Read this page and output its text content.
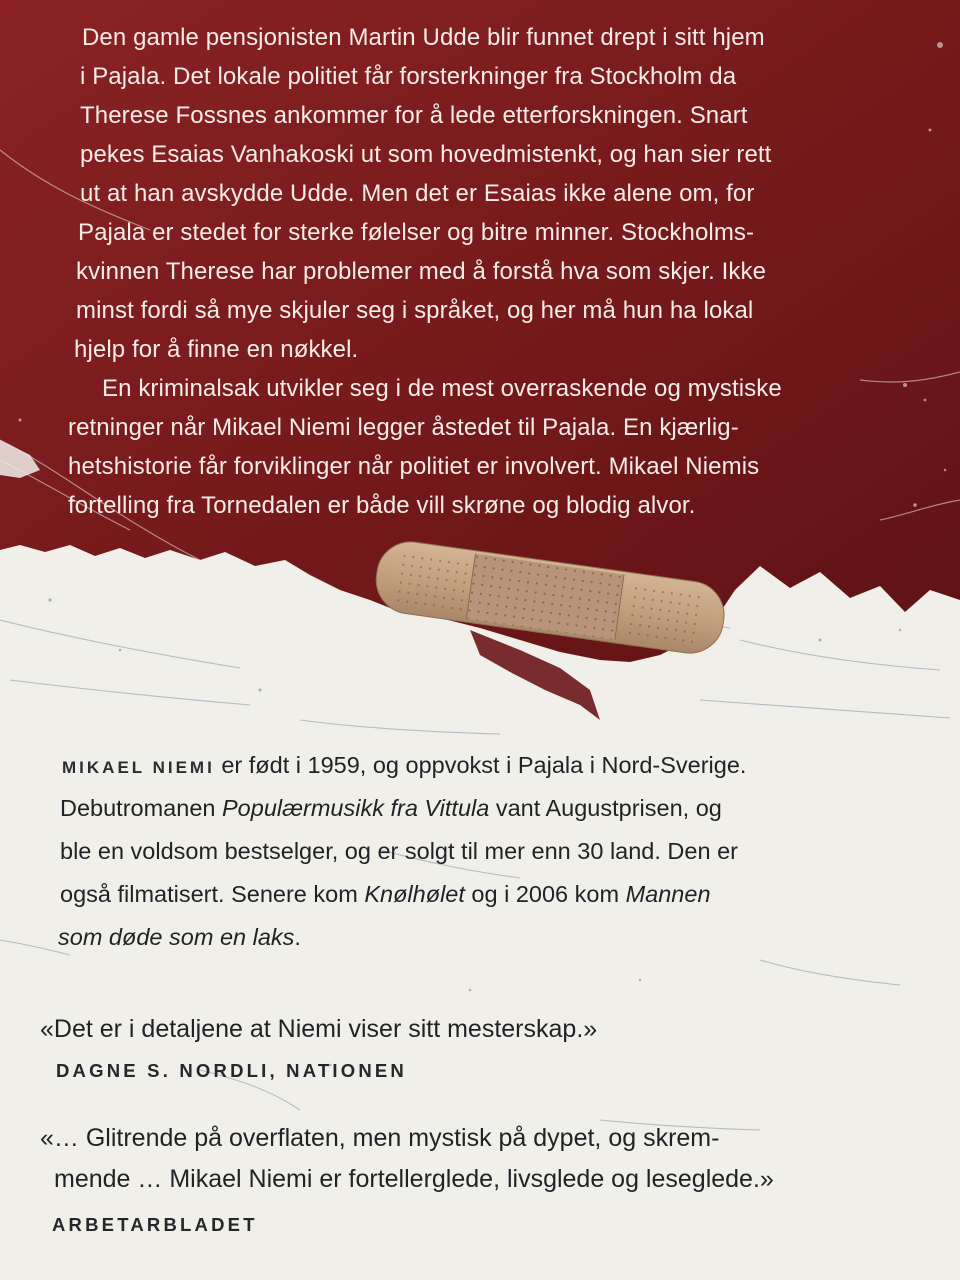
Den gamle pensjonisten Martin Udde blir funnet drept i sitt hjem
i Pajala. Det lokale politiet får forsterkninger fra Stockholm da
Therese Fossnes ankommer for å lede etterforskningen. Snart
pekes Esaias Vanhakoski ut som hovedmistenkt, og han sier rett
ut at han avskydde Udde. Men det er Esaias ikke alene om, for
Pajala er stedet for sterke følelser og bitre minner. Stockholms-
kvinnen Therese har problemer med å forstå hva som skjer. Ikke
minst fordi så mye skjuler seg i språket, og her må hun ha lokal
hjelp for å finne en nøkkel.
En kriminalsak utvikler seg i de mest overraskende og mystiske
retninger når Mikael Niemi legger åstedet til Pajala. En kjærlig-
hetshistorie får forviklinger når politiet er involvert. Mikael Niemis
fortelling fra Tornedalen er både vill skrøne og blodig alvor.
MIKAEL NIEMI er født i 1959, og oppvokst i Pajala i Nord-Sverige.
Debutromanen Populærmusikk fra Vittula vant Augustprisen, og
ble en voldsom bestselger, og er solgt til mer enn 30 land. Den er
også filmatisert. Senere kom Knølhølet og i 2006 kom Mannen
som døde som en laks.
«Det er i detaljene at Niemi viser sitt mesterskap.»
DAGNE S. NORDLI, NATIONEN
«… Glitrende på overflaten, men mystisk på dypet, og skrem-
mende … Mikael Niemi er fortellerglede, livsglede og leseglede.»
ARBETARBLADET
